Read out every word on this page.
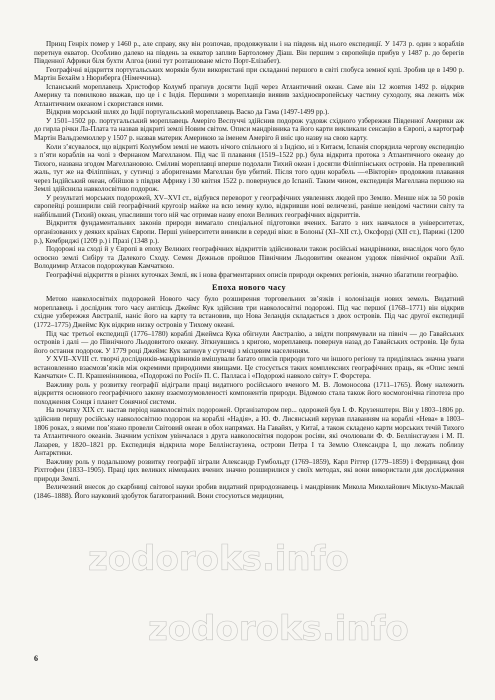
Принц Генріх помер у 1460 р., але справу, яку він розпочав, продовжували і на південь від нього експедиції. У 1473 р. один з кораблів перетнув екватор. Особливо далеко на південь за екватор заплив Бартоломеу Діаш. Він першим з європейців прибув у 1487 р. до берегів Південної Африки біля бухти Алгоа (нині тут розташоване місто Порт-Елізабет).

Географічні відкриття португальських моряків були використані при складанні першого в світі глобуса земної кулі. Зробив це в 1490 р. Мартін Бехайм з Нюрнберга (Німеччина).

Іспанський мореплавець Христофор Колумб прагнув досягти Індії через Атлантичний океан. Саме він 12 жовтня 1492 р. відкрив Америку та помилково вважав, що це і є Індія. Першими з мореплавців виявив західноєвропейську частину суходолу, яка лежить між Атлантичним океаном і скористався ними.

Відкрив морський шлях до Індії португальський мореплавець Васко да Гама (1497-1499 рр.).

У 1501–1502 рр. португальський мореплавець Амеріго Веспуччі здійснив подорож уздовж східного узбережжя Південної Америки аж до гирла річки Ла-Плата та назвав відкриті землі Новим світом. Описи мандрівника та його карти викликали сенсацію в Європі, а картограф Мартін Вальдземюллер у 1507 р. назвав материк Америкою за іменем Амеріго й вніс цю назву на свою карту.

Коли з’ясувалося, що відкриті Колумбом землі не мають нічого спільного зі з Індією, ні з Китаєм, Іспанія спорядила чергову експедицію з п’яти кораблів на чолі з Фернаном Магелланом. Під час її плавання (1519–1522 рр.) була відкрита протока з Атлантичного океану до Тихого, названа згодом Магеллановою. Сміливі мореплавці вперше подолали Тихий океан і досягли Філіппінських островів. На превеликий жаль, тут же на Філіппінах, у сутичці з аборигенами Магеллан був убитий. Після того один корабель —«Вікторія» продовжив плавання через Індійський океан, обійшов з півдня Африку і 30 квітня 1522 р. повернувся до Іспанії. Таким чином, експедиція Магеллана першою на Землі здійснила навколосвітню подорож.

У результаті морських подорожей, XV–XVI ст., відбувся переворот у географічних уявленнях людей про Землю. Менше ніж за 50 років європейці розширили свій географічний кругозір майже на всю земну кулю, відкривши нові величезні, раніше невідомі частини світу та найбільший (Тихий) океан, упасливши того ній час отримав назву епохи Великих географічних відкриттів.

Відкриття фундаментальних законів природи вимагало спеціальної підготовки вчених. Багато з них навчалося в університетах, організованих у деяких країнах Європи. Перші університети виникли в середні віки: в Болоньї (XI–XII ст.), Оксфорді (XII ст.), Парижі (1200 р.), Кембриджі (1209 р.) і Празі (1348 р.).

Подорожі на сході й у Європі в епоху Великих географічних відкриттів здійснювали також російські мандрівники, внаслідок чого було освоєно землі Сибіру та Далекого Сходу. Семен Дежньов пройшов Північним Льодовитим океаном уздовж північної окраїни Азії. Володимир Атласов подорожував Камчаткою.

Географічні відкриття в різних куточках Землі, як і нова фрагментарних описів природи окремих регіонів, значно збагатили географію.

Епоха нового часу

Метою навколосвітніх подорожей Нового часу було розширення торговельних зв’язків і колонізація нових земель. Видатний мореплавець і дослідник того часу англієць Джеймс Кук здійснив три навколосвітні подорожі. Під час першої (1768–1771) він відкрив східне узбережжя Австралії, наніс його на карту та встановив, що Нова Зеландія складається з двох островів. Під час другої експедиції (1772–1775) Джеймс Кук відкрив низку островів у Тихому океані.

Під час третьої експедиції (1776–1780) кораблі Джеймса Кука обігнули Австралію, а звідти попрямували на північ — до Гавайських островів і далі — до Північного Льодовитого океану. Зіткнувшись з кригою, мореплавець повернув назад до Гавайських островів. Це була його остання подорож. У 1779 році Джеймс Кук загинув у сутичці з місцевим населенням.

У XVII–XVIII ст. творчі дослідників-мандрівників вмішували багато описів природи того чи іншого регіону та приділялась значна уваги встановленню взаємозв’язків між окремими природними явищами. Це стосується таких комплексних географічних праць, як «Опис землі Камчатки» С. П. Крашенінникова, «Подорожі по Росії» П. С. Палласа і «Подорожі навколо світу» Г. Форстера.

Важливу роль у розвитку географії відіграли праці видатного російського вченого М. В. Ломоносова (1711–1765). Йому належить відкриття основного географічного закону взаємозумовленості компонентів природи. Відомою стала також його космогонічна гіпотеза про походження Сонця і планет Сонячної системи.

На початку XIX ст. настав період навколосвітніх подорожей. Організатором пер... одорожей був І. Ф. Крузенштерн. Він у 1803–1806 рр. здійснив першу російську навколосвітню подорож на кораблі «Надія», а Ю. Ф. Лисянський керував плаванням на кораблі «Нева» в 1803–1806 роках, з якими пов’язано провели Світовий океан в обох напрямах. На Гавайях, у Китаї, а також складено карти морських течій Тихого та Атлантичного океанів. Значним успіхом увінчалася з друга навколосвітня подорож росіян, які очолювали Ф. Ф. Беллінсгаузен і М. П. Лазарев, у 1820–1821 рр. Експедиція відкрила море Беллінсгаузена, острови Петра І та Землю Олександра І, що лежать поблизу Антарктики.

Важливу роль у подальшому розвитку географії зіграли Александр Гумбольдт (1769–1859), Карл Ріттер (1779–1859) і Фердинанд фон Ріхтгофен (1833–1905). Праці цих великих німецьких вчених значно розширилися у своїх методах, які вони використали для дослідження природи Землі.

Величезний внесок до скарбниці світової науки зробив видатний природознавець і мандрівник Микола Миколайович Міклухо-Маклай (1846–1888). Його науковий здобуток багатогранний. Вони стосуються медицини,

zodoroks.info
zodoroks.info
6
